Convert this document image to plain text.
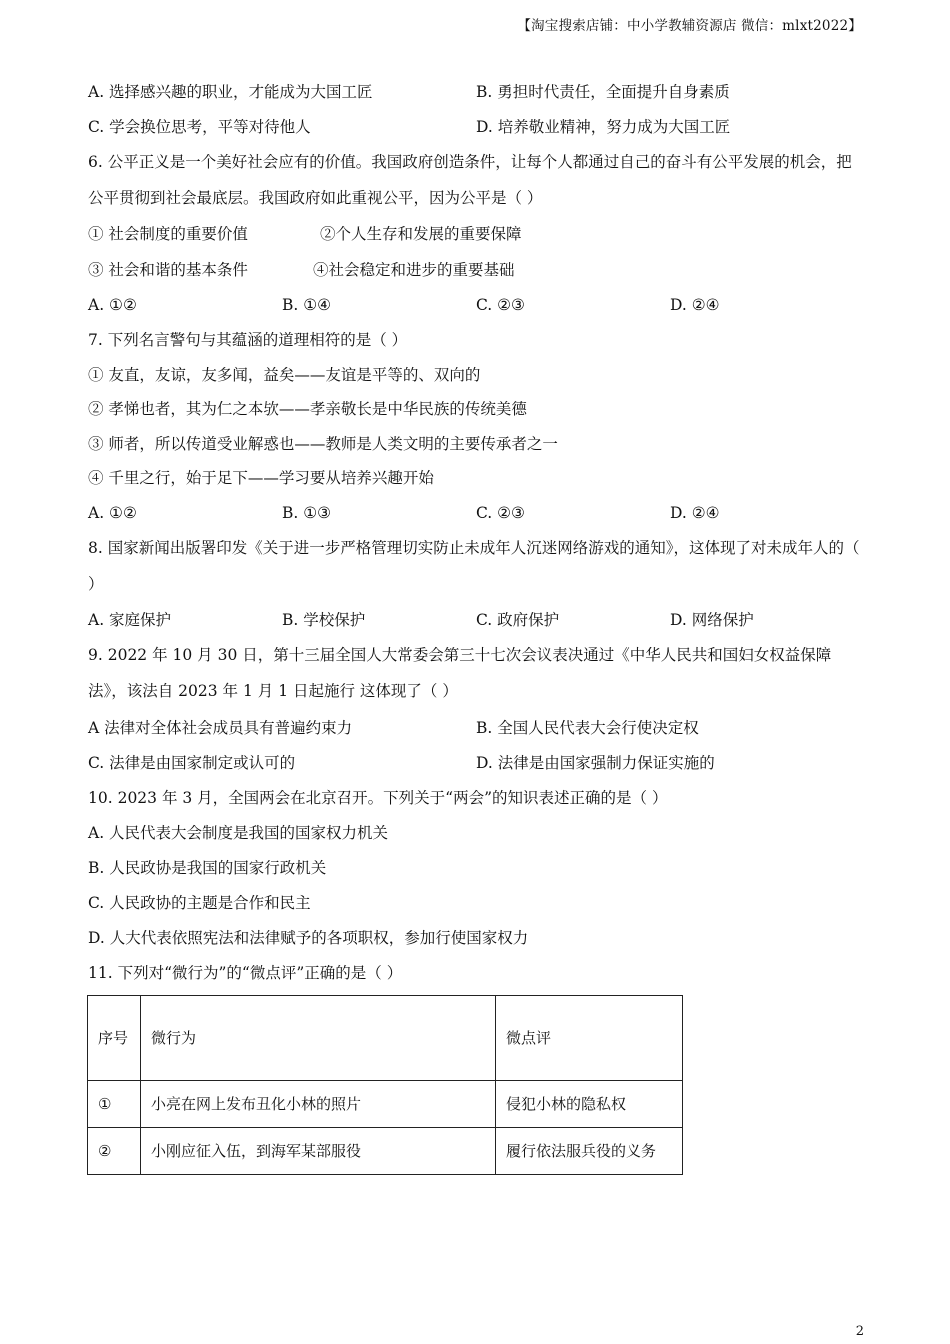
【淘宝搜索店铺：中小学教辅资源店 微信：mlxt2022】
A. 选择感兴趣的职业，才能成为大国工匠	B. 勇担时代责任，全面提升自身素质
C. 学会换位思考，平等对待他人	D. 培养敬业精神，努力成为大国工匠
6. 公平正义是一个美好社会应有的价值。我国政府创造条件，让每个人都通过自己的奋斗有公平发展的机会，把公平贯彻到社会最底层。我国政府如此重视公平，因为公平是（ ）
① 社会制度的重要价值	②个人生存和发展的重要保障
③ 社会和谐的基本条件	④社会稳定和进步的重要基础
A. ①②	B. ①④	C. ②③	D. ②④
7. 下列名言警句与其蕴涵的道理相符的是（ ）
① 友直，友谅，友多闻，益矣——友谊是平等的、双向的
② 孝悌也者，其为仁之本欤——孝亲敬长是中华民族的传统美德
③ 师者，所以传道受业解惑也——教师是人类文明的主要传承者之一
④ 千里之行，始于足下——学习要从培养兴趣开始
A. ①②	B. ①③	C. ②③	D. ②④
8. 国家新闻出版署印发《关于进一步严格管理切实防止未成年人沉迷网络游戏的通知》，这体现了对未成年人的（ ）
A. 家庭保护	B. 学校保护	C. 政府保护	D. 网络保护
9. 2022 年 10 月 30 日，第十三届全国人大常委会第三十七次会议表决通过《中华人民共和国妇女权益保障法》，该法自 2023 年 1 月 1 日起施行 这体现了（ ）
A 法律对全体社会成员具有普遍约束力	B. 全国人民代表大会行使决定权
C. 法律是由国家制定或认可的	D. 法律是由国家强制力保证实施的
10. 2023 年 3 月，全国两会在北京召开。下列关于“两会”的知识表述正确的是（ ）
A. 人民代表大会制度是我国的国家权力机关
B. 人民政协是我国的国家行政机关
C. 人民政协的主题是合作和民主
D. 人大代表依照宪法和法律赋予的各项职权，参加行使国家权力
11. 下列对“微行为”的“微点评”正确的是（ ）
序号	微行为	微点评
①	小亮在网上发布丑化小林的照片	侵犯小林的隐私权
②	小刚应征入伍，到海军某部服役	履行依法服兵役的义务
2
